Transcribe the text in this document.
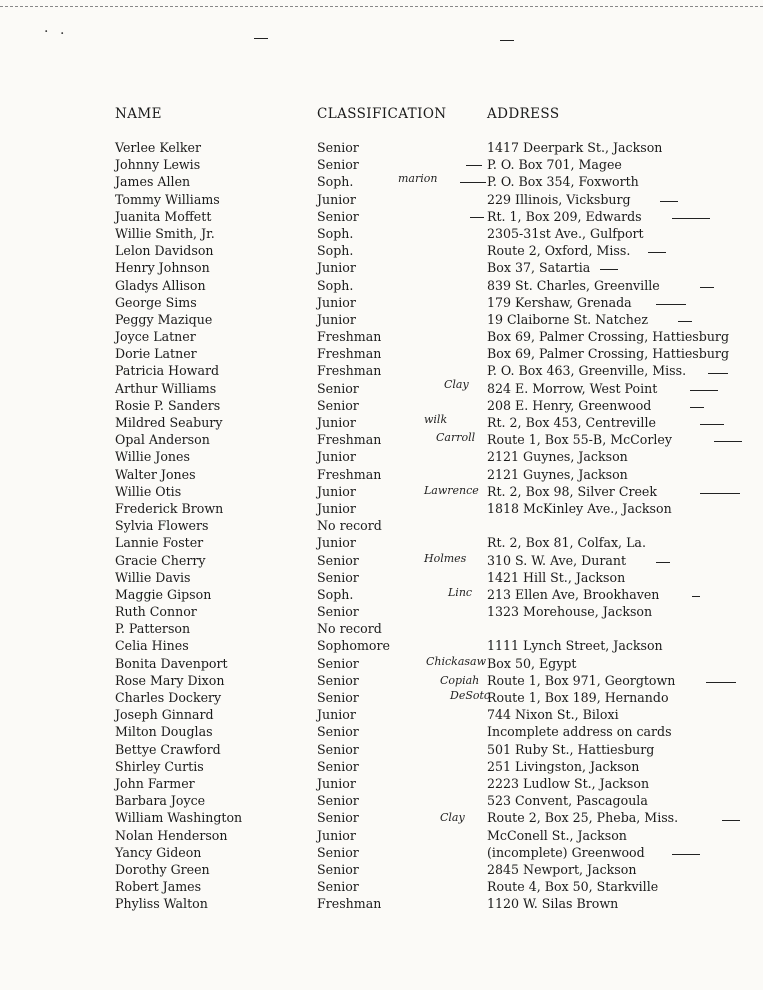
· ·
NAME	CLASSIFICATION	ADDRESS
Verlee Kelker	Senior	1417 Deerpark St., Jackson
Johnny Lewis	Senior	P. O. Box 701, Magee
James Allen	Soph.	P. O. Box 354, Foxworth
Tommy Williams	Junior	229 Illinois, Vicksburg
Juanita Moffett	Senior	Rt. 1, Box 209, Edwards
Willie Smith, Jr.	Soph.	2305-31st Ave., Gulfport
Lelon Davidson	Soph.	Route 2, Oxford, Miss.
Henry Johnson	Junior	Box 37, Satartia
Gladys Allison	Soph.	839 St. Charles, Greenville
George Sims	Junior	179 Kershaw, Grenada
Peggy Mazique	Junior	19 Claiborne St. Natchez
Joyce Latner	Freshman	Box 69, Palmer Crossing, Hattiesburg
Dorie Latner	Freshman	Box 69, Palmer Crossing, Hattiesburg
Patricia Howard	Freshman	P. O. Box 463, Greenville, Miss.
Arthur Williams	Senior	824 E. Morrow, West Point
Rosie P. Sanders	Senior	208 E. Henry, Greenwood
Mildred Seabury	Junior	Rt. 2, Box 453, Centreville
Opal Anderson	Freshman	Route 1, Box 55-B, McCorley
Willie Jones	Junior	2121 Guynes, Jackson
Walter Jones	Freshman	2121 Guynes, Jackson
Willie Otis	Junior	Rt. 2, Box 98, Silver Creek
Frederick Brown	Junior	1818 McKinley Ave., Jackson
Sylvia Flowers	No record
Lannie Foster	Junior	Rt. 2, Box 81, Colfax, La.
Gracie Cherry	Senior	310 S. W. Ave, Durant
Willie Davis	Senior	1421 Hill St., Jackson
Maggie Gipson	Soph.	213 Ellen Ave, Brookhaven
Ruth Connor	Senior	1323 Morehouse, Jackson
P. Patterson	No record
Celia Hines	Sophomore	1111 Lynch Street, Jackson
Bonita Davenport	Senior	Box 50, Egypt
Rose Mary Dixon	Senior	Route 1, Box 971, Georgtown
Charles Dockery	Senior	Route 1, Box 189, Hernando
Joseph Ginnard	Junior	744 Nixon St., Biloxi
Milton Douglas	Senior	Incomplete address on cards
Bettye Crawford	Senior	501 Ruby St., Hattiesburg
Shirley Curtis	Senior	251 Livingston, Jackson
John Farmer	Junior	2223 Ludlow St., Jackson
Barbara Joyce	Senior	523 Convent, Pascagoula
William Washington	Senior	Route 2, Box 25, Pheba, Miss.
Nolan Henderson	Junior	McConell St., Jackson
Yancy Gideon	Senior	(incomplete) Greenwood
Dorothy Green	Senior	2845 Newport, Jackson
Robert James	Senior	Route 4, Box 50, Starkville
Phyliss Walton	Freshman	1120 W. Silas Brown
marion
Clay
wilk
Carroll
Lawrence
Holmes
Linc
Chickasaw
Copiah
DeSoto
Clay
